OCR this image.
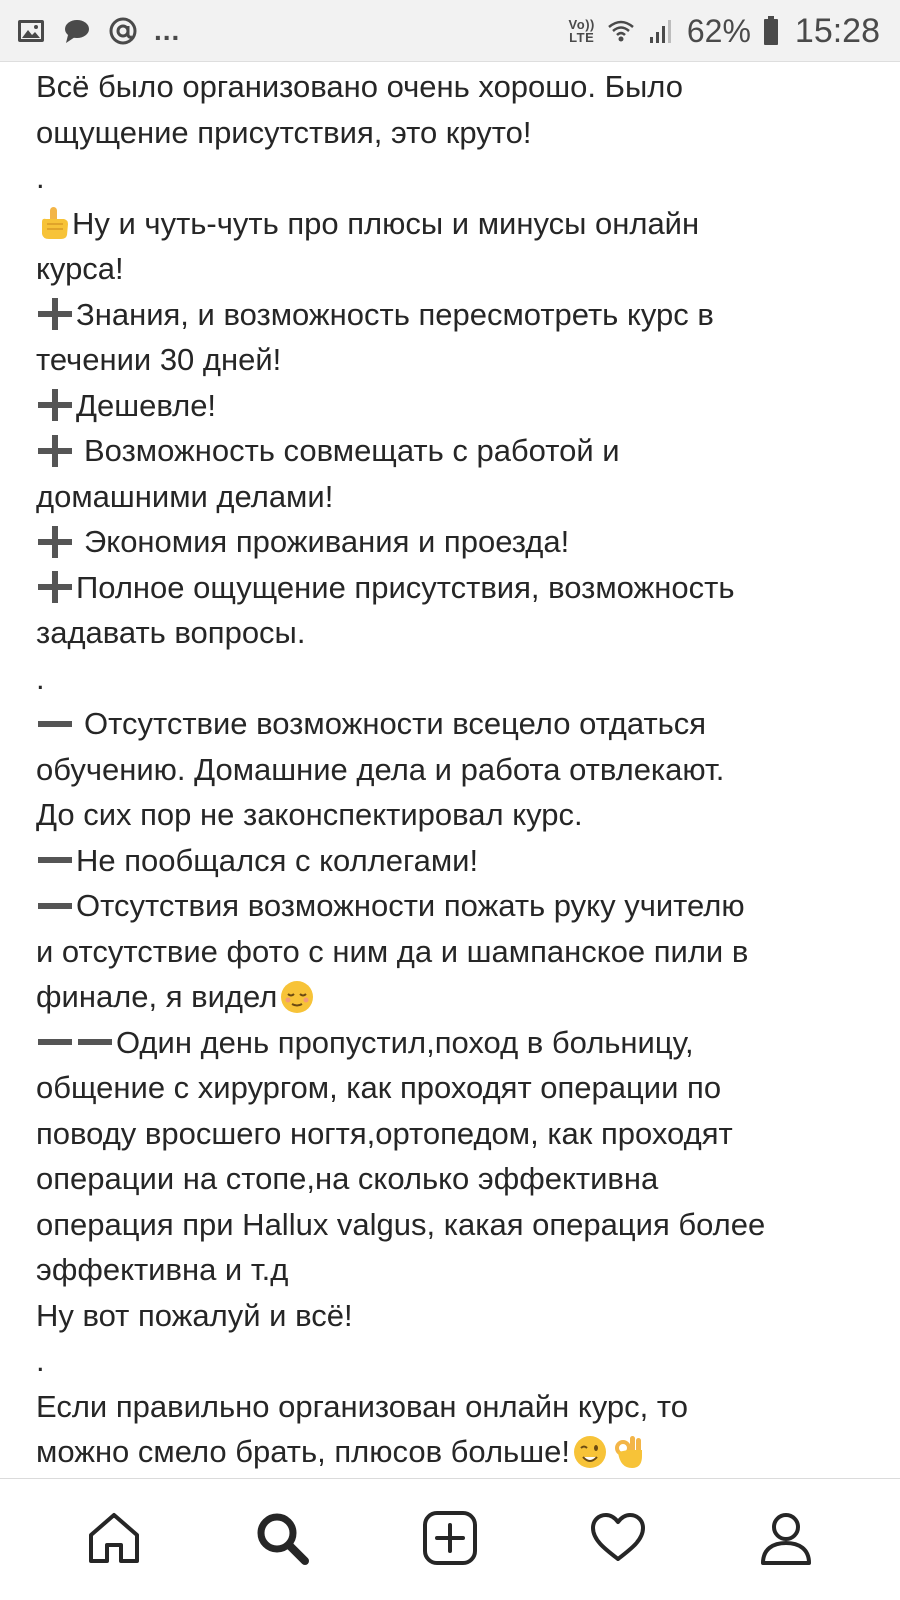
...	Vo))
LTE	62% 15:28
Всё было организовано очень хорошо. Было
ощущение присутствия, это круто!
.
Ну и чуть-чуть про плюсы и минусы онлайн
курса!
Знания, и возможность пересмотреть курс в
течении 30 дней!
Дешевле!
Возможность совмещать с работой и
домашними делами!
Экономия проживания и проезда!
Полное ощущение присутствия, возможность
задавать вопросы.
.
Отсутствие возможности всецело отдаться
обучению. Домашние дела и работа отвлекают.
До сих пор не законспектировал курс.
Не пообщался с коллегами!
Отсутствия возможности пожать руку учителю
и отсутствие фото с ним да и шампанское пили в
финале, я видел
Один день пропустил,поход в больницу,
общение с хирургом, как проходят операции по
поводу вросшего ногтя,ортопедом, как проходят
операции на стопе,на сколько эффективна
операция при Hallux valgus, какая операция более
эффективна и т.д
Ну вот пожалуй и всё!
.
Если правильно организован онлайн курс, то
можно смело брать, плюсов больше!
